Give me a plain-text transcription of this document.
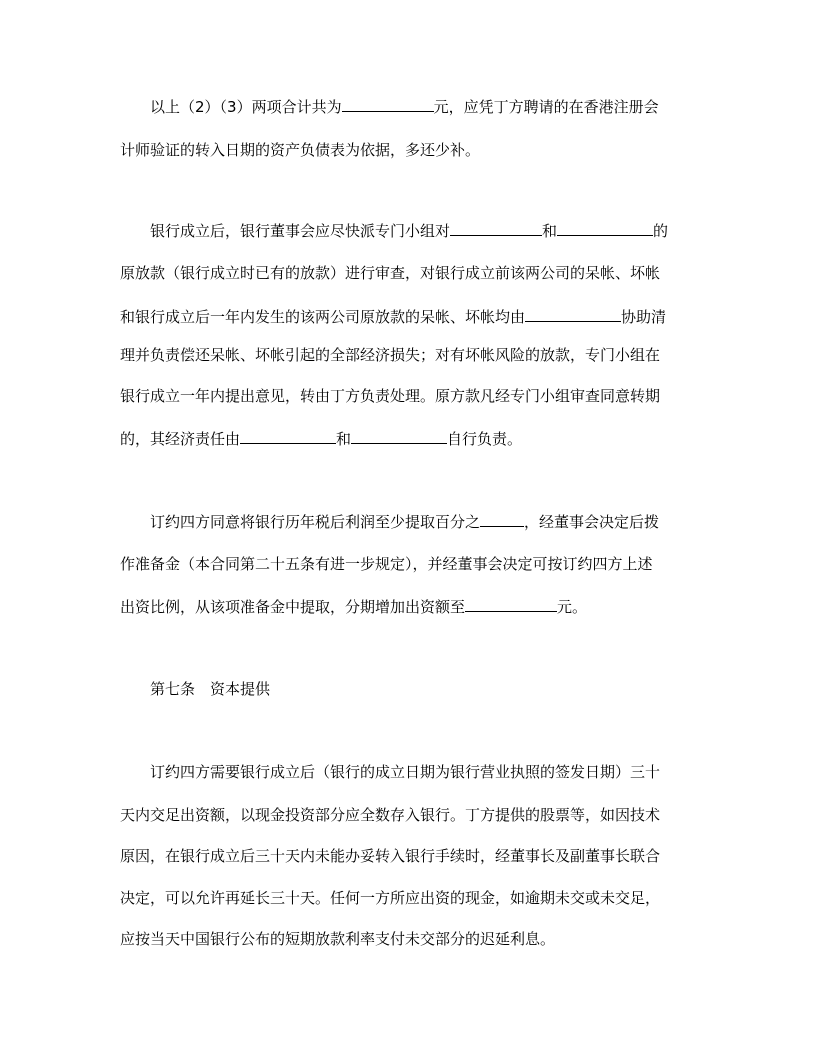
以上（2）（3）两项合计共为	元，应凭丁方聘请的在香港注册会
计师验证的转入日期的资产负债表为依据，多还少补。
银行成立后，银行董事会应尽快派专门小组对	和	的
原放款（银行成立时已有的放款）进行审查，对银行成立前该两公司的呆帐、坏帐
和银行成立后一年内发生的该两公司原放款的呆帐、坏帐均由	协助清
理并负责偿还呆帐、坏帐引起的全部经济损失；对有坏帐风险的放款，专门小组在
银行成立一年内提出意见，转由丁方负责处理。原方款凡经专门小组审查同意转期
的，其经济责任由	和	自行负责。
订约四方同意将银行历年税后利润至少提取百分之	，经董事会决定后拨
作准备金（本合同第二十五条有进一步规定），并经董事会决定可按订约四方上述
出资比例，从该项准备金中提取，分期增加出资额至	元。
第七条　资本提供
订约四方需要银行成立后（银行的成立日期为银行营业执照的签发日期）三十
天内交足出资额，以现金投资部分应全数存入银行。丁方提供的股票等，如因技术
原因，在银行成立后三十天内未能办妥转入银行手续时，经董事长及副董事长联合
决定，可以允许再延长三十天。任何一方所应出资的现金，如逾期未交或未交足，
应按当天中国银行公布的短期放款利率支付未交部分的迟延利息。
